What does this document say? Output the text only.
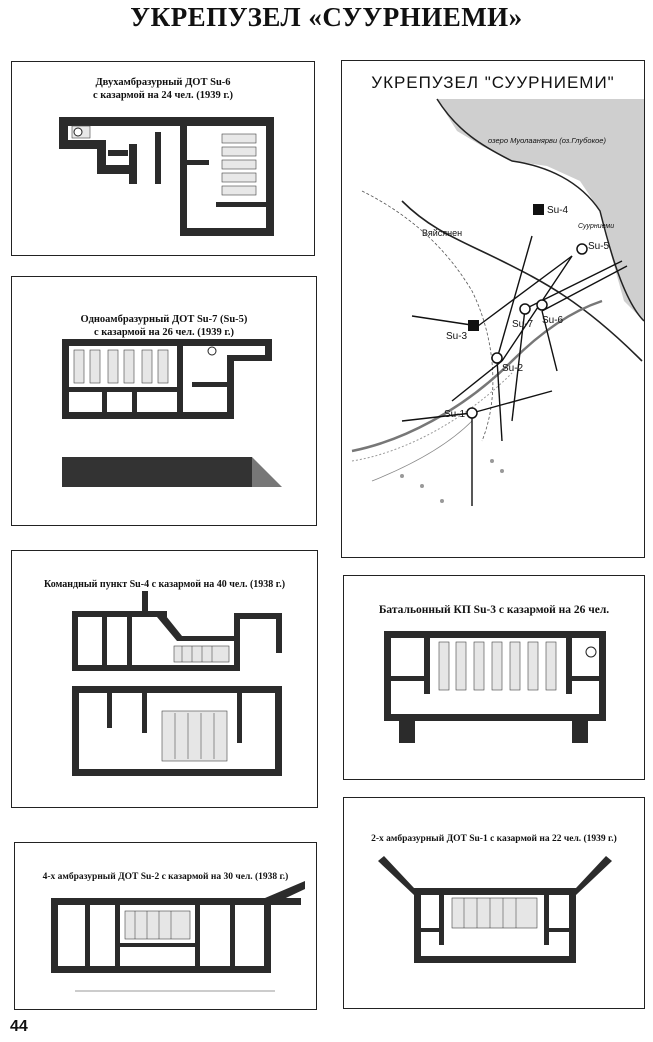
УКРЕПУЗЕЛ «СУУРНИЕМИ»
Двухамбразурный ДОТ Su-6
с казармой на 24 чел. (1939 г.)
Одноамбразурный ДОТ Su-7 (Su-5)
с казармой на 26 чел. (1939 г.)
Командный пункт Su-4 с казармой на 40 чел. (1938 г.)
4-х амбразурный ДОТ Su-2 с казармой на 30 чел. (1938 г.)
УКРЕПУЗЕЛ "СУУРНИЕМИ"
озеро Муолаанярви (оз.Глубокое)
Вяйсянен
Суурниеми
Su-4
Su-5
Su-6
Su-7
Su-3
Su-2
Su-1
Батальонный КП Su-3 с казармой на 26 чел.
2-х амбразурный ДОТ Su-1 с казармой на 22 чел. (1939 г.)
44
